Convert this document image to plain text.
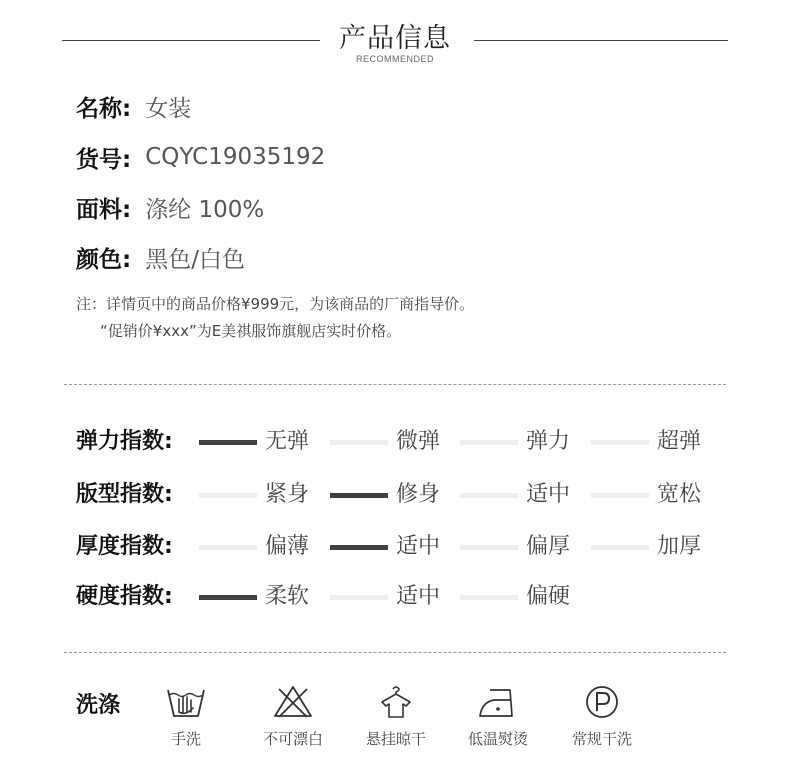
产品信息
RECOMMENDED
名称: 女装
货号: CQYC19035192
面料: 涤纶 100%
颜色: 黑色/白色
注：详情页中的商品价格¥999元，为该商品的厂商指导价。
“促销价¥xxx”为E美祺服饰旗舰店实时价格。
弹力指数:	无弹	微弹	弹力	超弹
版型指数:	紧身	修身	适中	宽松
厚度指数:	偏薄	适中	偏厚	加厚
硬度指数:	柔软	适中	偏硬
洗涤
手洗	不可漂白	悬挂晾干	低温熨烫	常规干洗
